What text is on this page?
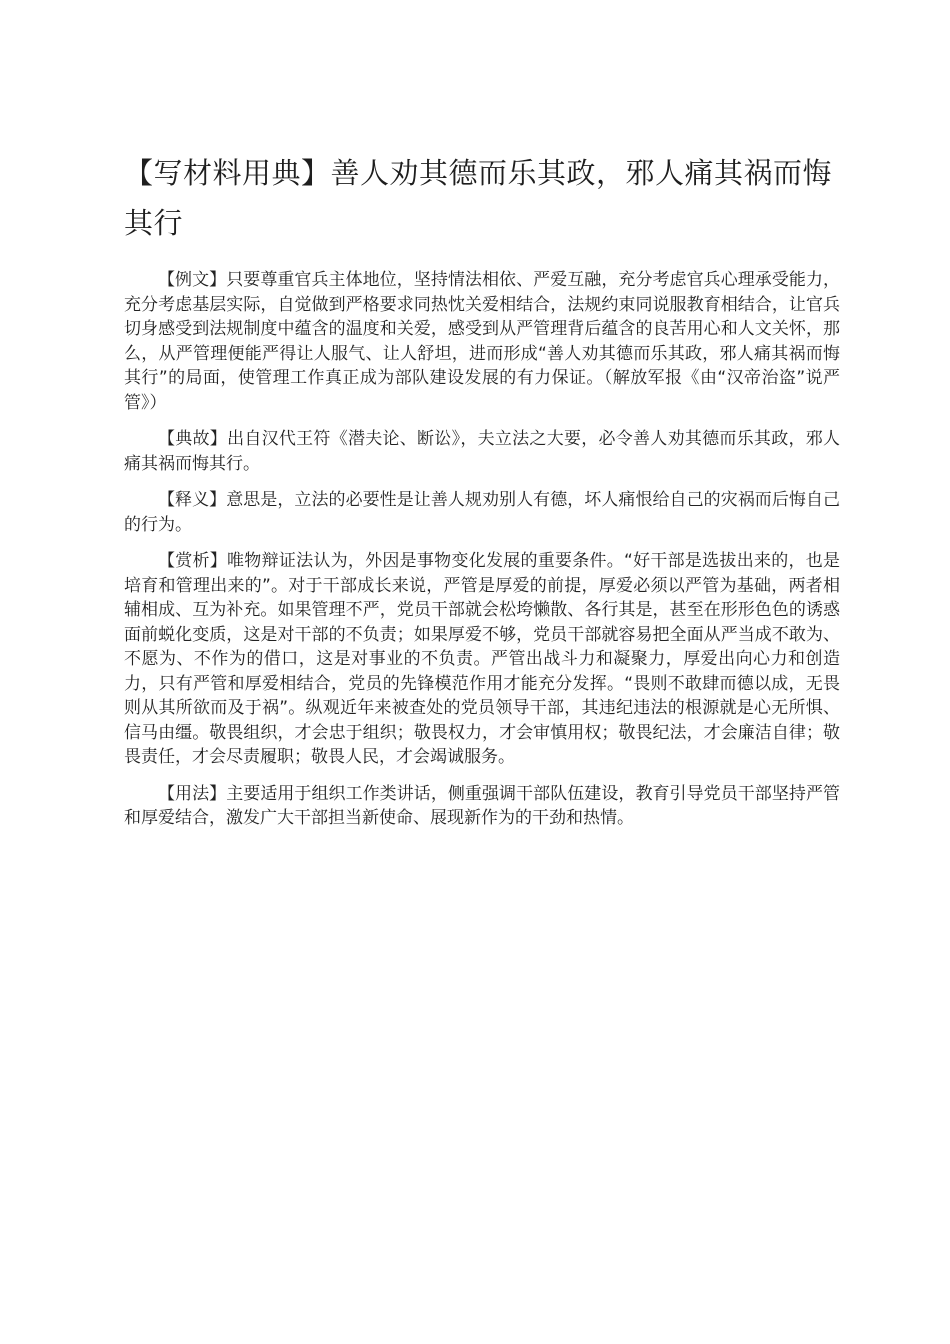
【写材料用典】善人劝其德而乐其政，邪人痛其祸而悔其行

【例文】只要尊重官兵主体地位，坚持情法相依、严爱互融，充分考虑官兵心理承受能力，充分考虑基层实际，自觉做到严格要求同热忱关爱相结合，法规约束同说服教育相结合，让官兵切身感受到法规制度中蕴含的温度和关爱，感受到从严管理背后蕴含的良苦用心和人文关怀，那么，从严管理便能严得让人服气、让人舒坦，进而形成“善人劝其德而乐其政，邪人痛其祸而悔其行”的局面，使管理工作真正成为部队建设发展的有力保证。（解放军报《由“汉帝治盗”说严管》）

【典故】出自汉代王符《潜夫论、断讼》，夫立法之大要，必令善人劝其德而乐其政，邪人痛其祸而悔其行。

【释义】意思是，立法的必要性是让善人规劝别人有德，坏人痛恨给自己的灾祸而后悔自己的行为。

【赏析】唯物辩证法认为，外因是事物变化发展的重要条件。“好干部是选拔出来的，也是培育和管理出来的”。对于干部成长来说，严管是厚爱的前提，厚爱必须以严管为基础，两者相辅相成、互为补充。如果管理不严，党员干部就会松垮懒散、各行其是，甚至在形形色色的诱惑面前蜕化变质，这是对干部的不负责；如果厚爱不够，党员干部就容易把全面从严当成不敢为、不愿为、不作为的借口，这是对事业的不负责。严管出战斗力和凝聚力，厚爱出向心力和创造力，只有严管和厚爱相结合，党员的先锋模范作用才能充分发挥。“畏则不敢肆而德以成，无畏则从其所欲而及于祸”。纵观近年来被查处的党员领导干部，其违纪违法的根源就是心无所惧、信马由缰。敬畏组织，才会忠于组织；敬畏权力，才会审慎用权；敬畏纪法，才会廉洁自律；敬畏责任，才会尽责履职；敬畏人民，才会竭诚服务。

【用法】主要适用于组织工作类讲话，侧重强调干部队伍建设，教育引导党员干部坚持严管和厚爱结合，激发广大干部担当新使命、展现新作为的干劲和热情。
